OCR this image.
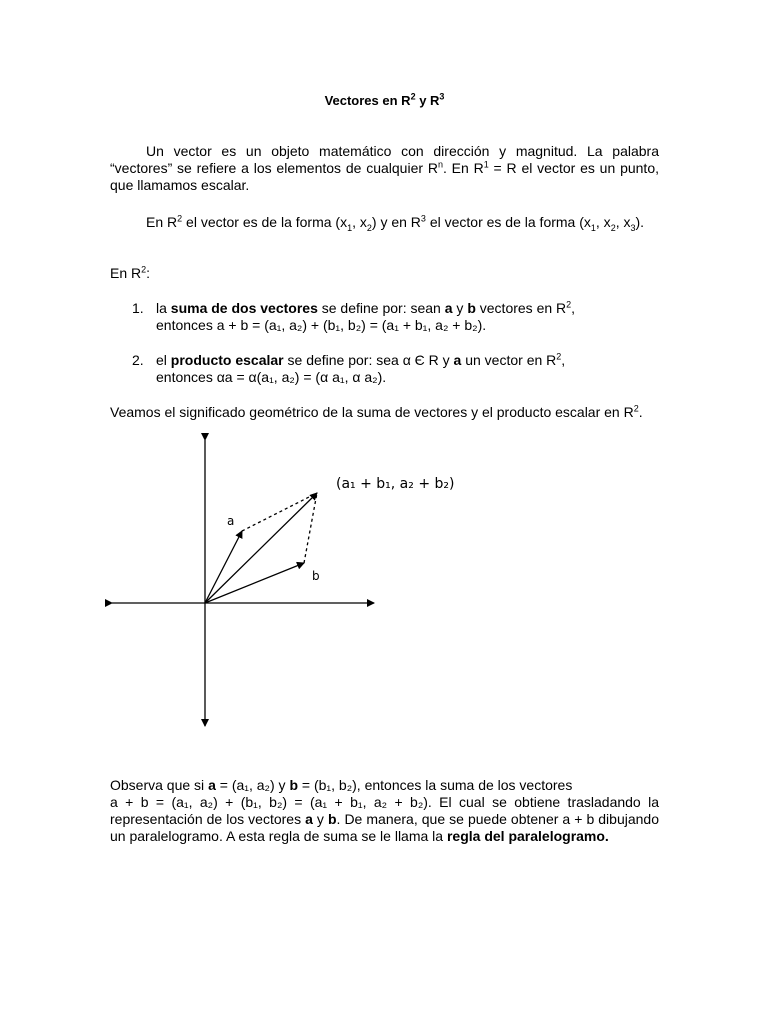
Vectores en $R^2$ y $R^3$
Un vector es un objeto matemático con dirección y magnitud. La palabra “vectores” se refiere a los elementos de cualquier $R^n$. En $R^1 = R$ el vector es un punto, que llamamos escalar.
En $R^2$ el vector es de la forma ($x_1$, $x_2$) y en $R^3$ el vector es de la forma ($x_1$, $x_2$, $x_3$).
En $R^2$:
1. la suma de dos vectores se define por: sean a y b vectores en $R^2$,
entonces a + b = (a₁, a₂) + (b₁, b₂) = (a₁ + b₁, a₂ + b₂).
2. el producto escalar se define por: sea α Є R y a un vector en $R^2$,
entonces αa = α(a₁, a₂) = (α a₁, α a₂).
Veamos el significado geométrico de la suma de vectores y el producto escalar en $R^2$.
Observa que si a = (a₁, a₂) y b = (b₁, b₂), entonces la suma de los vectores
a + b = (a₁, a₂) + (b₁, b₂) = (a₁ + b₁, a₂ + b₂). El cual se obtiene trasladando la representación de los vectores a y b. De manera, que se puede obtener a + b dibujando un paralelogramo. A esta regla de suma se le llama la regla del paralelogramo.
(a₁ + b₁, a₂ + b₂)
a
b
